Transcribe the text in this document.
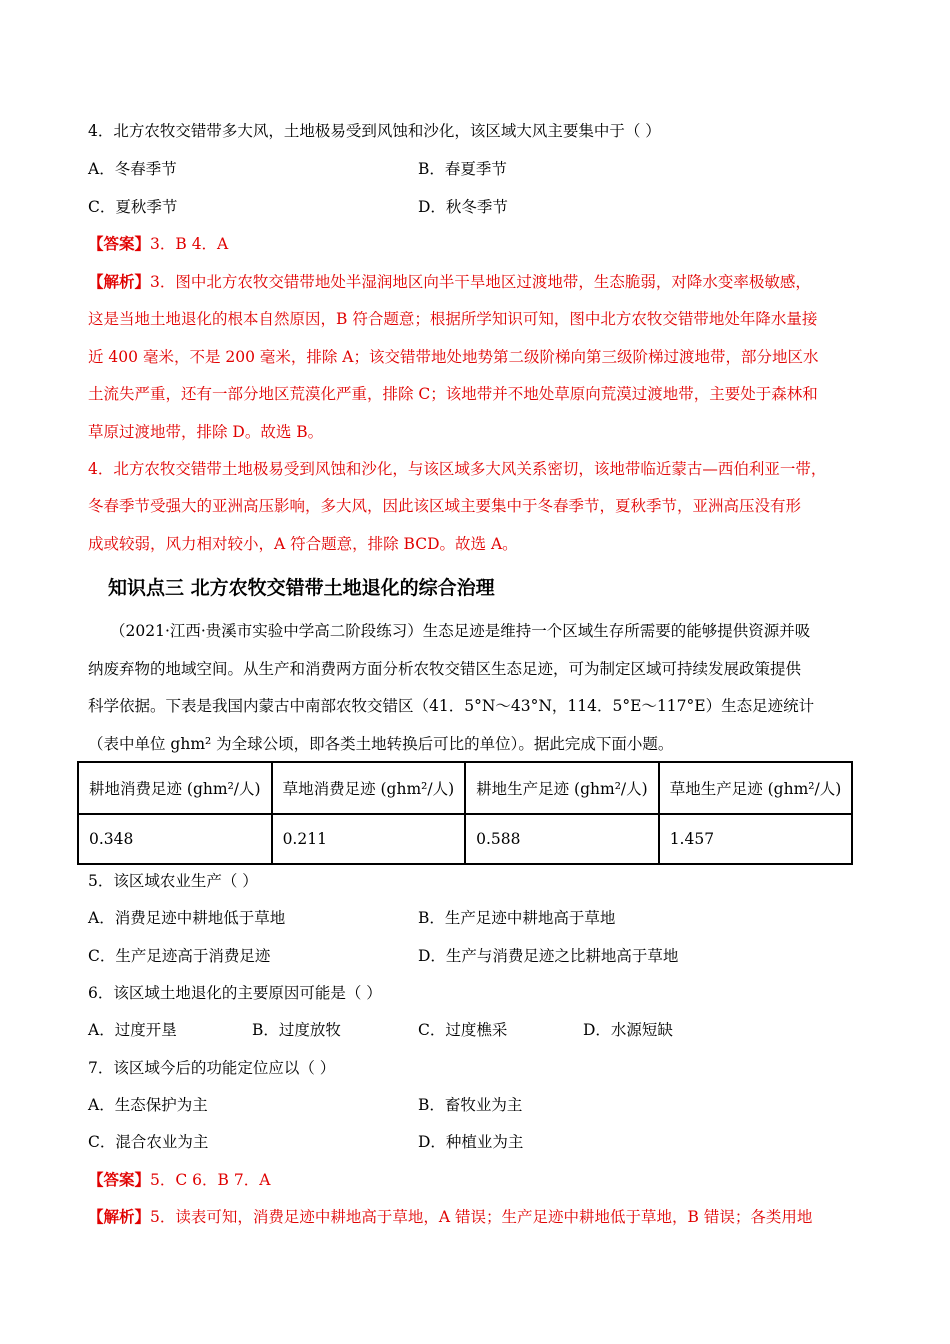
4．北方农牧交错带多大风，土地极易受到风蚀和沙化，该区域大风主要集中于（ ）
A．冬春季节	B．春夏季节
C．夏秋季节	D．秋冬季节
【答案】3．B 4．A
【解析】3．图中北方农牧交错带地处半湿润地区向半干旱地区过渡地带，生态脆弱，对降水变率极敏感，
这是当地土地退化的根本自然原因，B 符合题意；根据所学知识可知，图中北方农牧交错带地处年降水量接
近 400 毫米，不是 200 毫米，排除 A；该交错带地处地势第二级阶梯向第三级阶梯过渡地带，部分地区水
土流失严重，还有一部分地区荒漠化严重，排除 C；该地带并不地处草原向荒漠过渡地带，主要处于森林和
草原过渡地带，排除 D。故选 B。
4．北方农牧交错带土地极易受到风蚀和沙化，与该区域多大风关系密切，该地带临近蒙古—西伯利亚一带，
冬春季节受强大的亚洲高压影响，多大风，因此该区域主要集中于冬春季节，夏秋季节，亚洲高压没有形
成或较弱，风力相对较小，A 符合题意，排除 BCD。故选 A。
知识点三 北方农牧交错带土地退化的综合治理
（2021·江西·贵溪市实验中学高二阶段练习）生态足迹是维持一个区域生存所需要的能够提供资源并吸
纳废弃物的地域空间。从生产和消费两方面分析农牧交错区生态足迹，可为制定区域可持续发展政策提供
科学依据。下表是我国内蒙古中南部农牧交错区（41．5°N～43°N，114．5°E～117°E）生态足迹统计
（表中单位 ghm² 为全球公顷，即各类土地转换后可比的单位）。据此完成下面小题。
耕地消费足迹 (ghm²/人)	草地消费足迹 (ghm²/人)	耕地生产足迹 (ghm²/人)	草地生产足迹 (ghm²/人)
0.348	0.211	0.588	1.457
5．该区域农业生产（ ）
A．消费足迹中耕地低于草地	B．生产足迹中耕地高于草地
C．生产足迹高于消费足迹	D．生产与消费足迹之比耕地高于草地
6．该区域土地退化的主要原因可能是（ ）
A．过度开垦	B．过度放牧	C．过度樵采	D．水源短缺
7．该区域今后的功能定位应以（ ）
A．生态保护为主	B．畜牧业为主
C．混合农业为主	D．种植业为主
【答案】5．C 6．B 7．A
【解析】5．读表可知，消费足迹中耕地高于草地，A 错误；生产足迹中耕地低于草地，B 错误；各类用地
